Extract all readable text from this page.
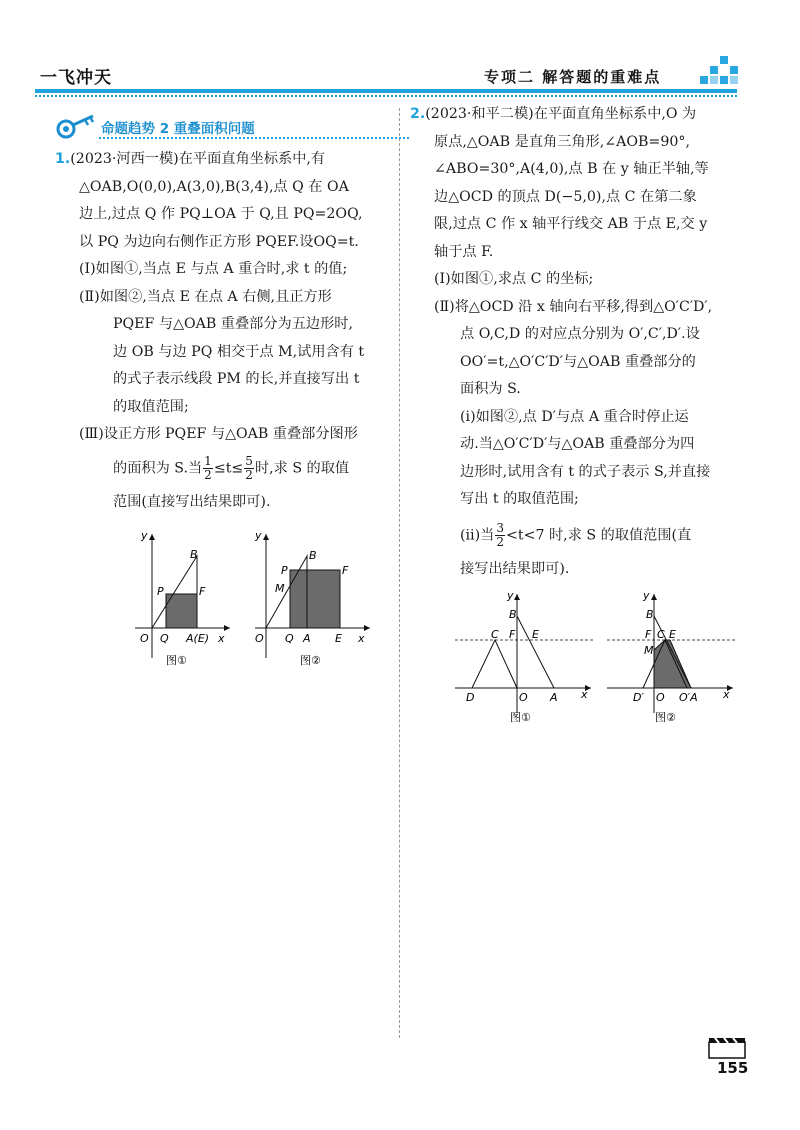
一飞冲天	专项二 解答题的重难点
命题趋势 2 重叠面积问题

1.(2023·河西一模)在平面直角坐标系中,有

△OAB,O(0,0),A(3,0),B(3,4),点 Q 在 OA

边上,过点 Q 作 PQ⊥OA 于 Q,且 PQ=2OQ,

以 PQ 为边向右侧作正方形 PQEF.设OQ=t.

(Ⅰ)如图①,当点 E 与点 A 重合时,求 t 的值;

(Ⅱ)如图②,当点 E 在点 A 右侧,且正方形

PQEF 与△OAB 重叠部分为五边形时,

边 OB 与边 PQ 相交于点 M,试用含有 t

的式子表示线段 PM 的长,并直接写出 t

的取值范围;

(Ⅲ)设正方形 PQEF 与△OAB 重叠部分图形

的面积为 S.当 $\frac{1}{2} \le t\le \frac{5}{2}$ 时,求 S 的取值

范围(直接写出结果即可).

y
B
P	F
O Q A(E) x
图①
y
B
P	F
M
O Q A E x
图②

2.(2023·和平二模)在平面直角坐标系中,O 为

原点,△OAB 是直角三角形,∠AOB=90°,

∠ABO=30°,A(4,0),点 B 在 y 轴正半轴,等

边△OCD 的顶点 D(−5,0),点 C 在第二象

限,过点 C 作 x 轴平行线交 AB 于点 E,交 y

轴于点 F.

(Ⅰ)如图①,求点 C 的坐标;

(Ⅱ)将△OCD 沿 x 轴向右平移,得到△O′C′D′,

点 O,C,D 的对应点分别为 O′,C′,D′.设

OO′=t,△O′C′D′与△OAB 重叠部分的

面积为 S.

(ⅰ)如图②,点 D′与点 A 重合时停止运

动.当△O′C′D′与△OAB 重叠部分为四

边形时,试用含有 t 的式子表示 S,并直接

写出 t 的取值范围;

(ⅱ)当 $\frac{3}{2} <t<7$ 时,求 S 的取值范围(直

接写出结果即可).

y
B
C F E
D	O A x
图①
y
B
F C E
M
D′ O O′A x
图②
155
